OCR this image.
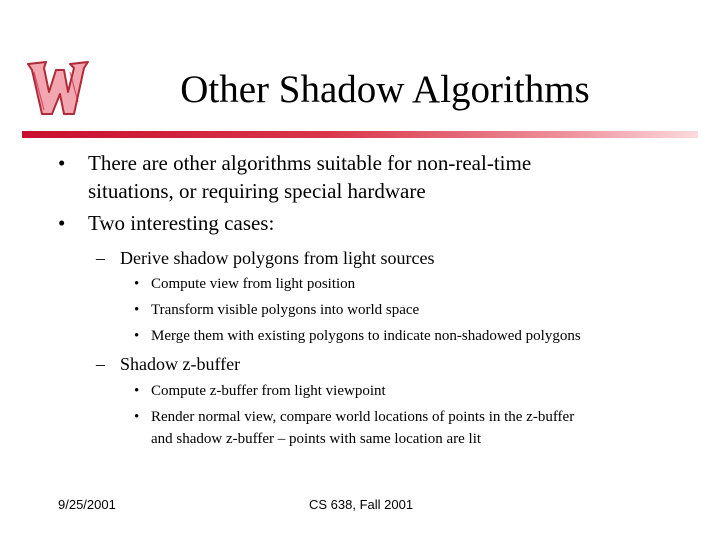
Other Shadow Algorithms
• There are other algorithms suitable for non-real-time
situations, or requiring special hardware
• Two interesting cases:
– Derive shadow polygons from light sources
• Compute view from light position
• Transform visible polygons into world space
• Merge them with existing polygons to indicate non-shadowed polygons
– Shadow z-buffer
• Compute z-buffer from light viewpoint
• Render normal view, compare world locations of points in the z-buffer
and shadow z-buffer – points with same location are lit
9/25/2001	CS 638, Fall 2001
